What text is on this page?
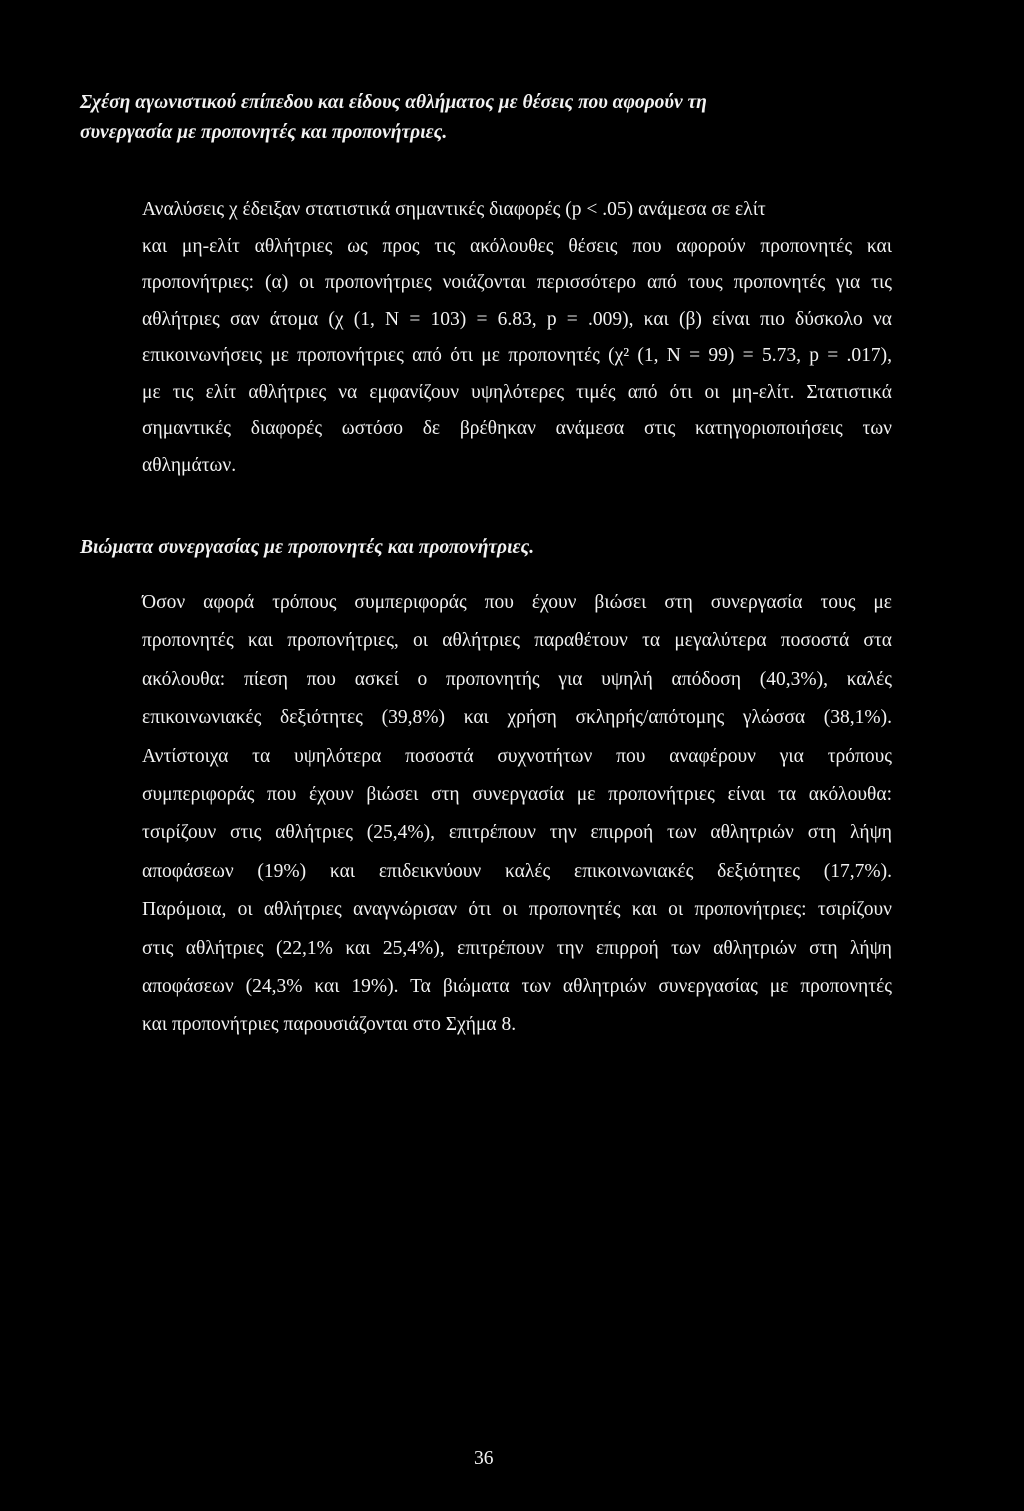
Σχέση αγωνιστικού επίπεδου και είδους αθλήματος με θέσεις που αφορούν τη
συνεργασία με προπονητές και προπονήτριες.

Αναλύσεις χ έδειξαν στατιστικά σημαντικές διαφορές (p < .05) ανάμεσα σε ελίτ
και μη-ελίτ αθλήτριες ως προς τις ακόλουθες θέσεις που αφορούν προπονητές και
προπονήτριες: (α) οι προπονήτριες νοιάζονται περισσότερο από τους προπονητές για τις
αθλήτριες σαν άτομα (χ (1, Ν = 103) = 6.83, p = .009), και (β) είναι πιο δύσκολο να
επικοινωνήσεις με προπονήτριες από ότι με προπονητές (χ² (1, Ν = 99) = 5.73, p = .017),
με τις ελίτ αθλήτριες να εμφανίζουν υψηλότερες τιμές από ότι οι μη-ελίτ. Στατιστικά
σημαντικές διαφορές ωστόσο δε βρέθηκαν ανάμεσα στις κατηγοριοποιήσεις των
αθλημάτων.

Βιώματα συνεργασίας με προπονητές και προπονήτριες.

Όσον αφορά τρόπους συμπεριφοράς που έχουν βιώσει στη συνεργασία τους με
προπονητές και προπονήτριες, οι αθλήτριες παραθέτουν τα μεγαλύτερα ποσοστά στα
ακόλουθα: πίεση που ασκεί ο προπονητής για υψηλή απόδοση (40,3%), καλές
επικοινωνιακές δεξιότητες (39,8%) και χρήση σκληρής/απότομης γλώσσα (38,1%).
Αντίστοιχα τα υψηλότερα ποσοστά συχνοτήτων που αναφέρουν για τρόπους
συμπεριφοράς που έχουν βιώσει στη συνεργασία με προπονήτριες είναι τα ακόλουθα:
τσιρίζουν στις αθλήτριες (25,4%), επιτρέπουν την επιρροή των αθλητριών στη λήψη
αποφάσεων (19%) και επιδεικνύουν καλές επικοινωνιακές δεξιότητες (17,7%).
Παρόμοια, οι αθλήτριες αναγνώρισαν ότι οι προπονητές και οι προπονήτριες: τσιρίζουν
στις αθλήτριες (22,1% και 25,4%), επιτρέπουν την επιρροή των αθλητριών στη λήψη
αποφάσεων (24,3% και 19%). Τα βιώματα των αθλητριών συνεργασίας με προπονητές
και προπονήτριες παρουσιάζονται στο Σχήμα 8.

36
